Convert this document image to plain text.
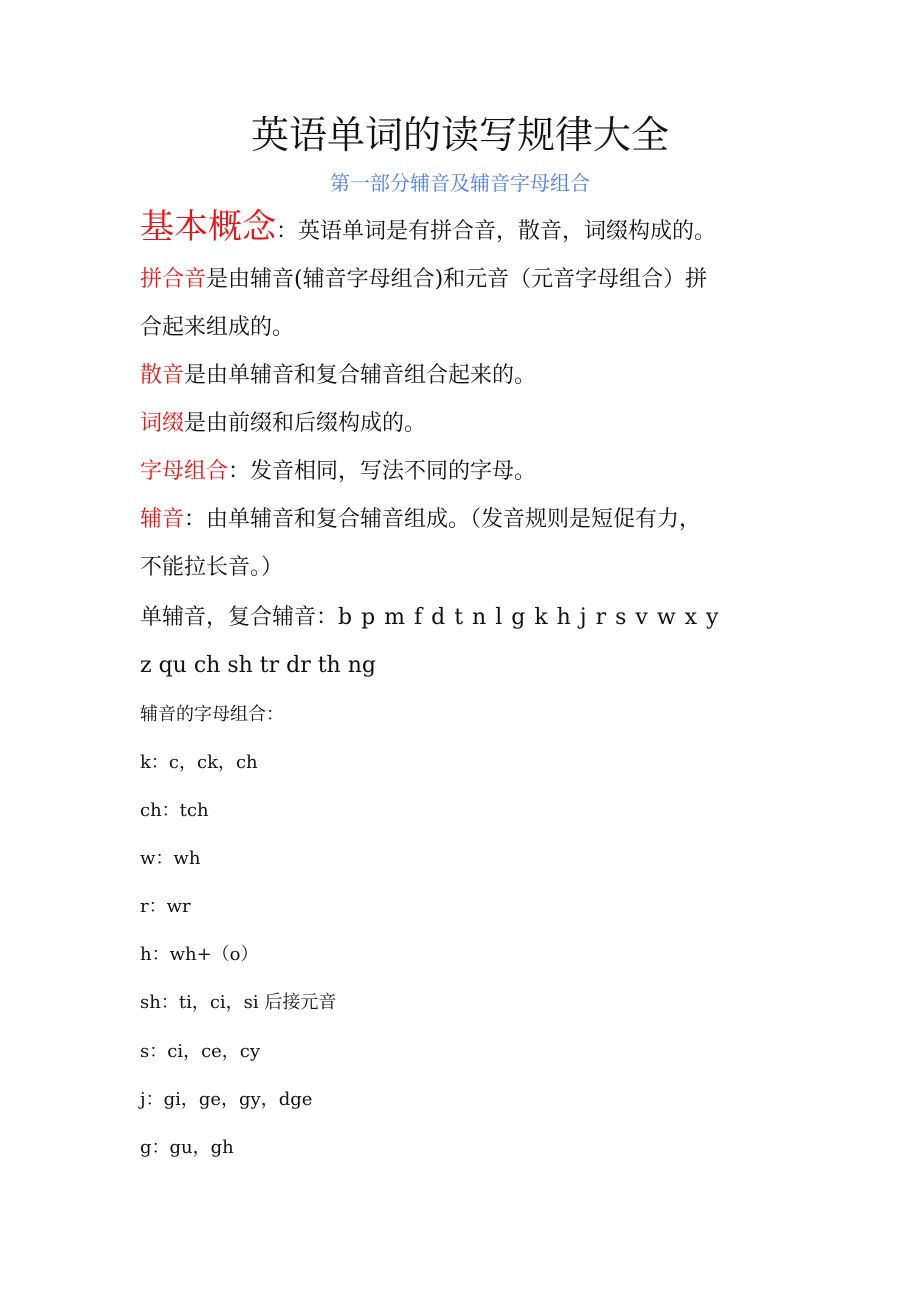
英语单词的读写规律大全
第一部分辅音及辅音字母组合
基本概念：英语单词是有拼合音，散音，词缀构成的。
拼合音是由辅音(辅音字母组合)和元音（元音字母组合）拼
合起来组成的。
散音是由单辅音和复合辅音组合起来的。
词缀是由前缀和后缀构成的。
字母组合：发音相同，写法不同的字母。
辅音：由单辅音和复合辅音组成。（发音规则是短促有力，
不能拉长音。）
单辅音，复合辅音：b p m f d t n l g k h j r s v w x y
z qu ch sh tr dr th ng
辅音的字母组合：
k：c，ck，ch
ch：tch
w：wh
r：wr
h：wh+（o）
sh：ti，ci，si 后接元音
s：ci，ce，cy
j：gi，ge，gy，dge
g：gu，gh
